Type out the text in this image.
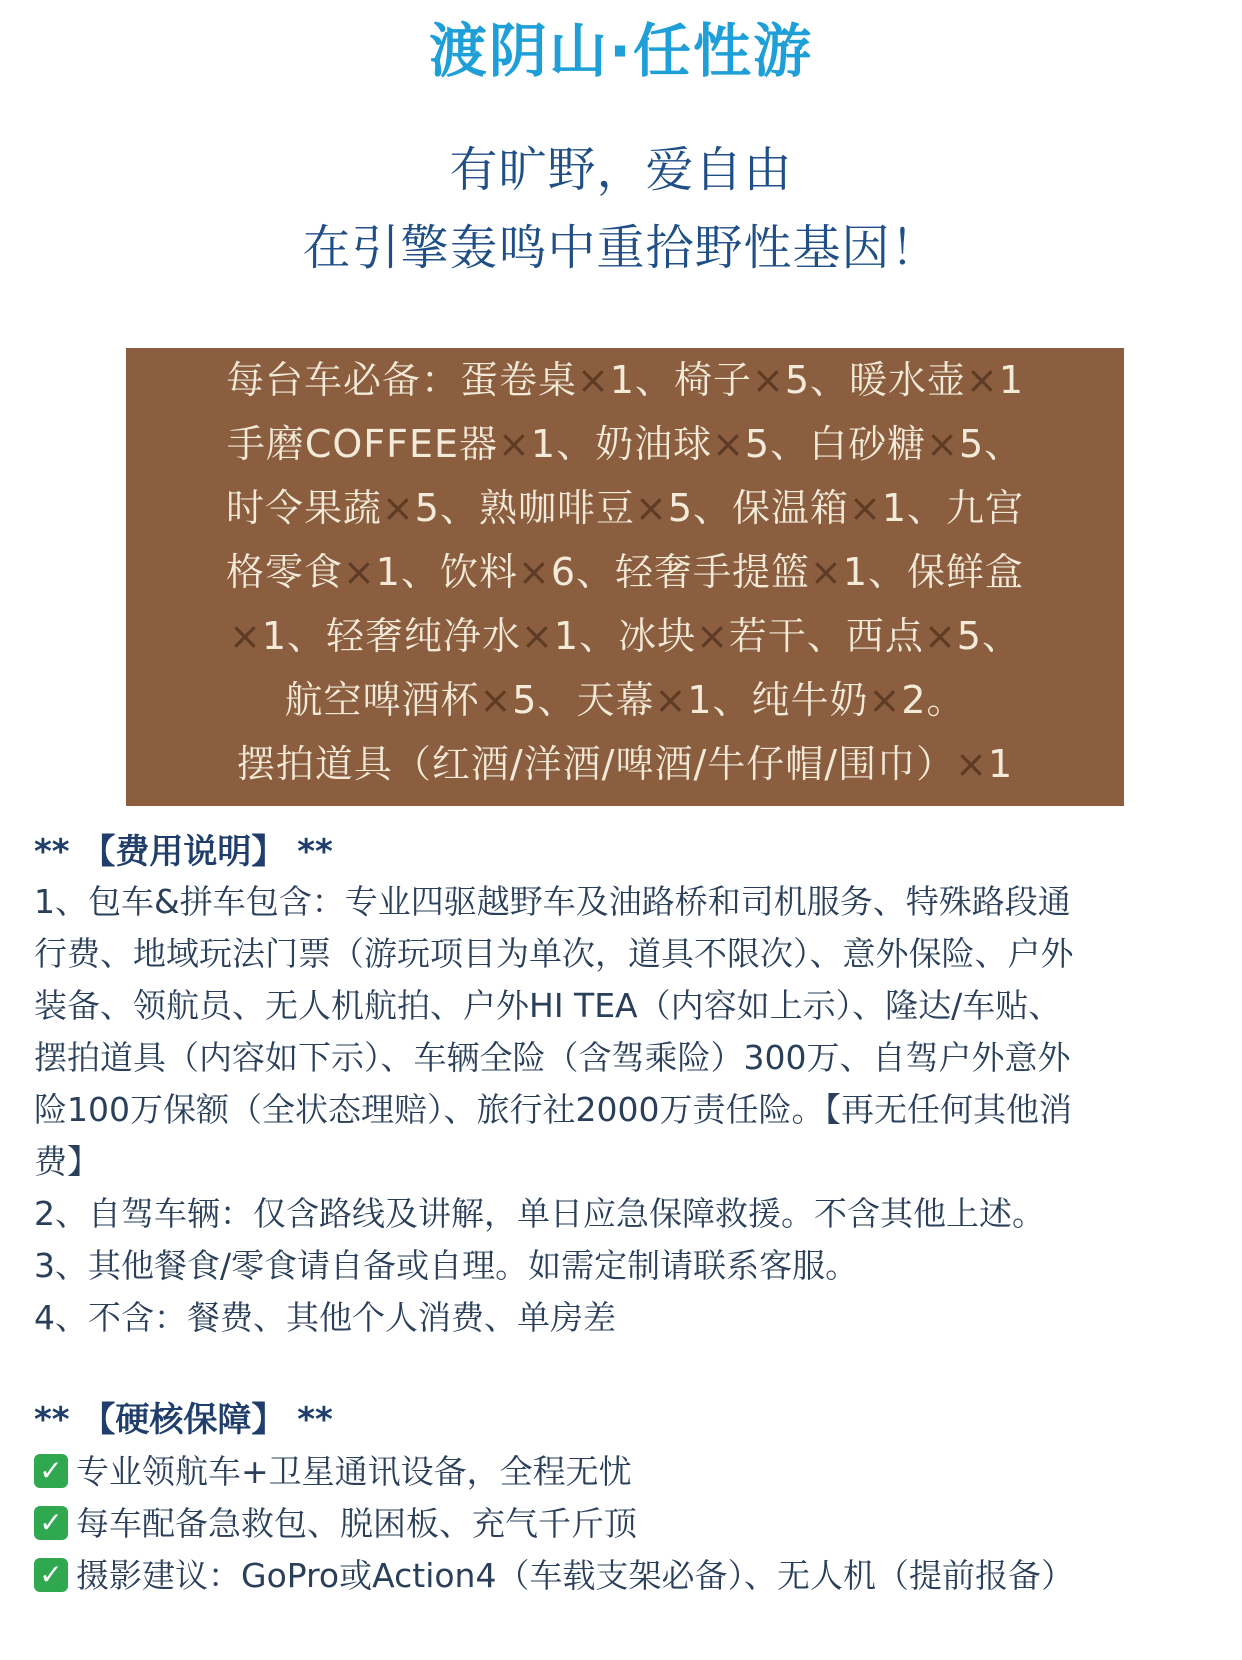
渡阴山·任性游
有旷野，爱自由
在引擎轰鸣中重拾野性基因！
每台车必备：蛋卷桌×1、椅子×5、暖水壶×1
手磨COFFEE器×1、奶油球×5、白砂糖×5、
时令果蔬×5、熟咖啡豆×5、保温箱×1、九宫
格零食×1、饮料×6、轻奢手提篮×1、保鲜盒
×1、轻奢纯净水×1、冰块×若干、西点×5、
航空啤酒杯×5、天幕×1、纯牛奶×2。
摆拍道具（红酒/洋酒/啤酒/牛仔帽/围巾）×1
** 【费用说明】 **
1、包车&拼车包含：专业四驱越野车及油路桥和司机服务、特殊路段通
行费、地域玩法门票（游玩项目为单次，道具不限次）、意外保险、户外
装备、领航员、无人机航拍、户外HI TEA（内容如上示）、隆达/车贴、
摆拍道具（内容如下示）、车辆全险（含驾乘险）300万、自驾户外意外
险100万保额（全状态理赔）、旅行社2000万责任险。【再无任何其他消
费】
2、自驾车辆：仅含路线及讲解，单日应急保障救援。不含其他上述。
3、其他餐食/零食请自备或自理。如需定制请联系客服。
4、不含：餐费、其他个人消费、单房差
** 【硬核保障】 **
✓ 专业领航车+卫星通讯设备，全程无忧
✓ 每车配备急救包、脱困板、充气千斤顶
✓ 摄影建议：GoPro或Action4（车载支架必备）、无人机（提前报备）
